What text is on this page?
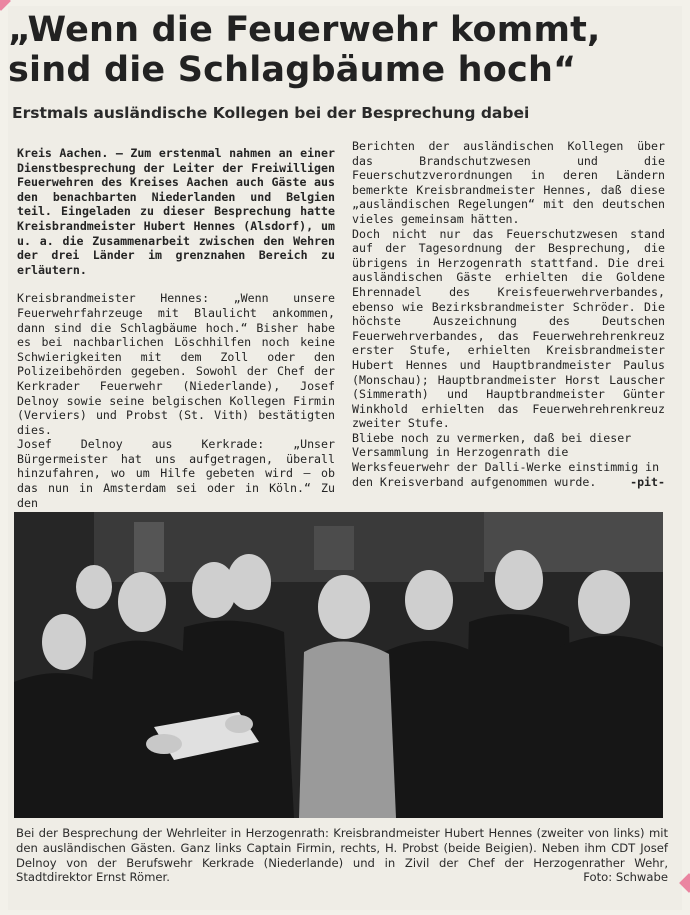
„Wenn die Feuerwehr kommt,
sind die Schlagbäume hoch“
Erstmals ausländische Kollegen bei der Besprechung dabei
Kreis Aachen. — Zum erstenmal nahmen an einer Dienstbesprechung der Leiter der Freiwilligen Feuerwehren des Kreises Aachen auch Gäste aus den benachbarten Niederlanden und Belgien teil. Eingeladen zu dieser Besprechung hatte Kreisbrandmeister Hubert Hennes (Alsdorf), um u. a. die Zusammenarbeit zwischen den Wehren der drei Länder im grenznahen Bereich zu erläutern.
Kreisbrandmeister Hennes: „Wenn unsere Feuerwehrfahrzeuge mit Blaulicht ankommen, dann sind die Schlagbäume hoch.“ Bisher habe es bei nachbarlichen Löschhilfen noch keine Schwierigkeiten mit dem Zoll oder den Polizeibehörden gegeben. Sowohl der Chef der Kerkrader Feuerwehr (Niederlande), Josef Delnoy sowie seine belgischen Kollegen Firmin (Verviers) und Probst (St. Vith) bestätigten dies.
Josef Delnoy aus Kerkrade: „Unser Bürgermeister hat uns aufgetragen, überall hinzufahren, wo um Hilfe gebeten wird — ob das nun in Amsterdam sei oder in Köln.“ Zu den
Berichten der ausländischen Kollegen über das Brandschutzwesen und die Feuerschutzverordnungen in deren Ländern bemerkte Kreisbrandmeister Hennes, daß diese „ausländischen Regelungen“ mit den deutschen vieles gemeinsam hätten.
Doch nicht nur das Feuerschutzwesen stand auf der Tagesordnung der Besprechung, die übrigens in Herzogenrath stattfand. Die drei ausländischen Gäste erhielten die Goldene Ehrennadel des Kreisfeuerwehrverbandes, ebenso wie Bezirksbrandmeister Schröder. Die höchste Auszeichnung des Deutschen Feuerwehrverbandes, das Feuerwehrehrenkreuz erster Stufe, erhielten Kreisbrandmeister Hubert Hennes und Hauptbrandmeister Paulus (Monschau); Hauptbrandmeister Horst Lauscher (Simmerath) und Hauptbrandmeister Günter Winkhold erhielten das Feuerwehrehrenkreuz zweiter Stufe.
Bliebe noch zu vermerken, daß bei dieser Versammlung in Herzogenrath die Werksfeuerwehr der Dalli-Werke einstimmig in den Kreisverband aufgenommen wurde.	-pit-
Bei der Besprechung der Wehrleiter in Herzogenrath: Kreisbrandmeister Hubert Hennes (zweiter von links) mit den ausländischen Gästen. Ganz links Captain Firmin, rechts, H. Probst (beide Beigien). Neben ihm CDT Josef Delnoy von der Berufswehr Kerkrade (Niederlande) und in Zivil der Chef der Herzogenrather Wehr, Stadtdirektor Ernst Römer.	Foto: Schwabe
